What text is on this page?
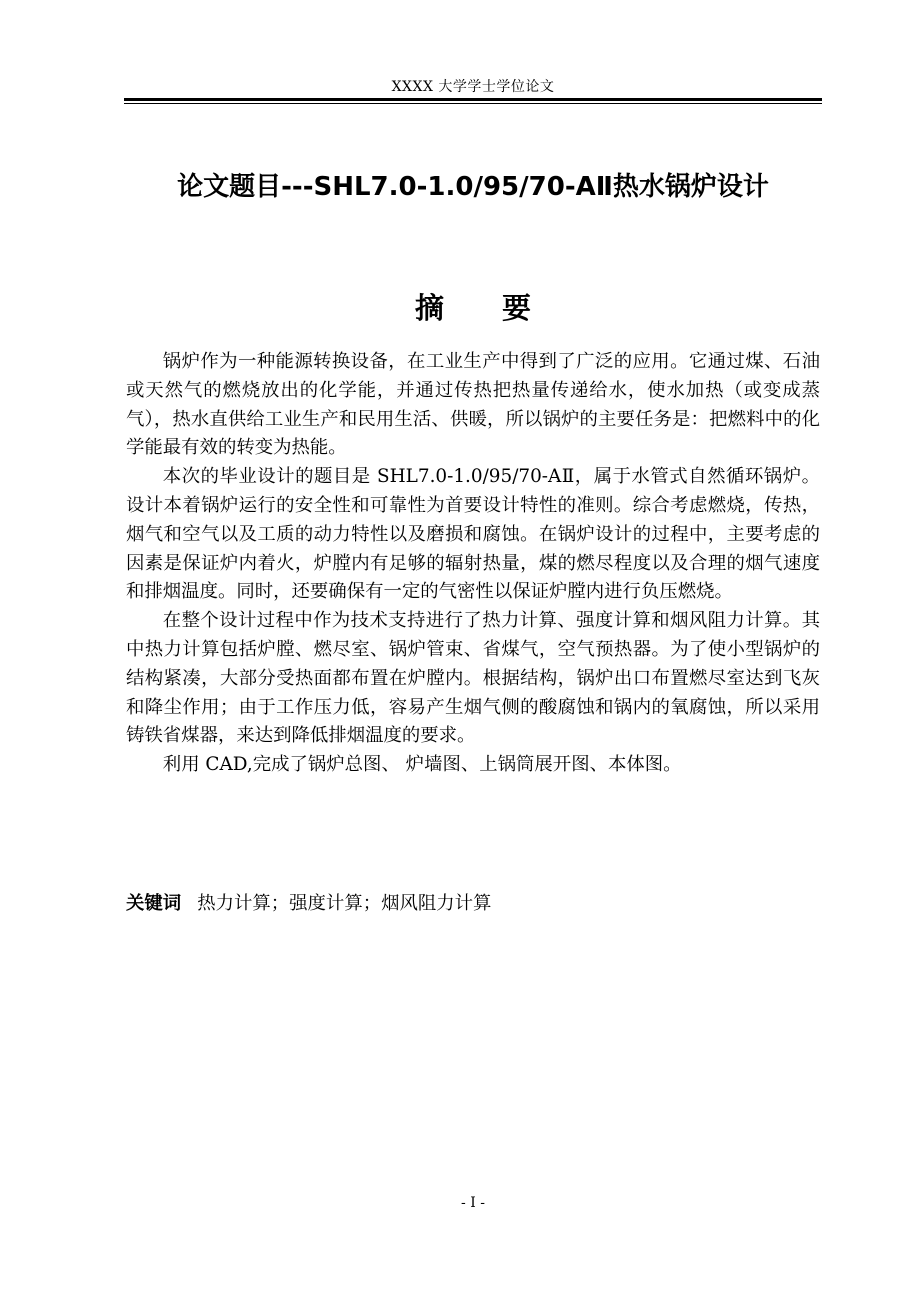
XXXX 大学学士学位论文
论文题目---SHL7.0-1.0/95/70-AⅡ热水锅炉设计
摘 要

锅炉作为一种能源转换设备，在工业生产中得到了广泛的应用。它通过煤、石油或天然气的燃烧放出的化学能，并通过传热把热量传递给水，使水加热（或变成蒸气），热水直供给工业生产和民用生活、供暖，所以锅炉的主要任务是：把燃料中的化学能最有效的转变为热能。

本次的毕业设计的题目是 SHL7.0-1.0/95/70-AⅡ，属于水管式自然循环锅炉。设计本着锅炉运行的安全性和可靠性为首要设计特性的准则。综合考虑燃烧，传热，烟气和空气以及工质的动力特性以及磨损和腐蚀。在锅炉设计的过程中，主要考虑的因素是保证炉内着火，炉膛内有足够的辐射热量，煤的燃尽程度以及合理的烟气速度和排烟温度。同时，还要确保有一定的气密性以保证炉膛内进行负压燃烧。

在整个设计过程中作为技术支持进行了热力计算、强度计算和烟风阻力计算。其中热力计算包括炉膛、燃尽室、锅炉管束、省煤气，空气预热器。为了使小型锅炉的结构紧凑，大部分受热面都布置在炉膛内。根据结构，锅炉出口布置燃尽室达到飞灰和降尘作用；由于工作压力低，容易产生烟气侧的酸腐蚀和锅内的氧腐蚀，所以采用铸铁省煤器，来达到降低排烟温度的要求。

利用 CAD,完成了锅炉总图、 炉墙图、上锅筒展开图、本体图。

关键词 热力计算；强度计算；烟风阻力计算
- I -
